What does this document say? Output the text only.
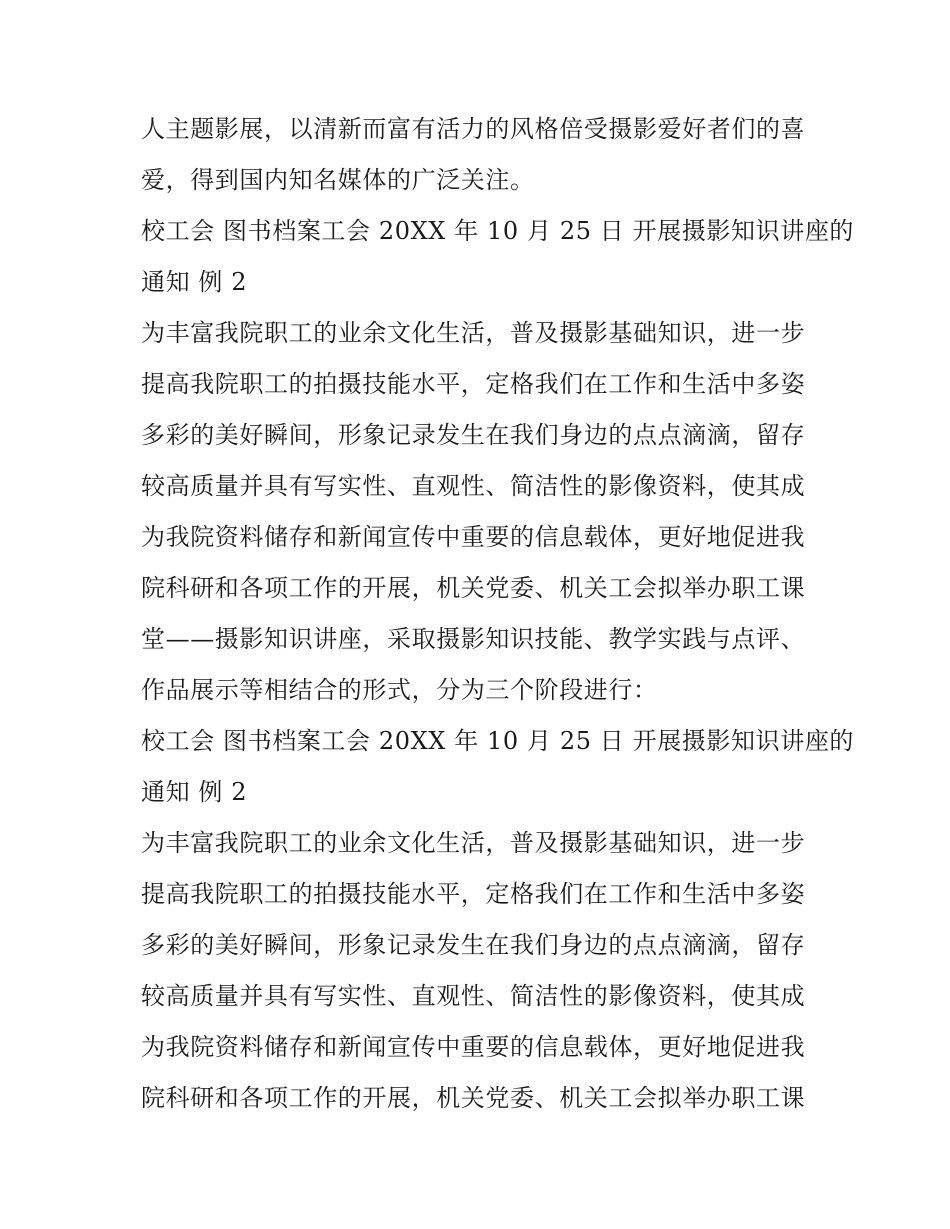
人主题影展，以清新而富有活力的风格倍受摄影爱好者们的喜
爱，得到国内知名媒体的广泛关注。
校工会 图书档案工会 20XX 年 10 月 25 日 开展摄影知识讲座的
通知 例 2
为丰富我院职工的业余文化生活，普及摄影基础知识，进一步
提高我院职工的拍摄技能水平，定格我们在工作和生活中多姿
多彩的美好瞬间，形象记录发生在我们身边的点点滴滴，留存
较高质量并具有写实性、直观性、简洁性的影像资料，使其成
为我院资料储存和新闻宣传中重要的信息载体，更好地促进我
院科研和各项工作的开展，机关党委、机关工会拟举办职工课
堂——摄影知识讲座，采取摄影知识技能、教学实践与点评、
作品展示等相结合的形式，分为三个阶段进行：
校工会 图书档案工会 20XX 年 10 月 25 日 开展摄影知识讲座的
通知 例 2
为丰富我院职工的业余文化生活，普及摄影基础知识，进一步
提高我院职工的拍摄技能水平，定格我们在工作和生活中多姿
多彩的美好瞬间，形象记录发生在我们身边的点点滴滴，留存
较高质量并具有写实性、直观性、简洁性的影像资料，使其成
为我院资料储存和新闻宣传中重要的信息载体，更好地促进我
院科研和各项工作的开展，机关党委、机关工会拟举办职工课
